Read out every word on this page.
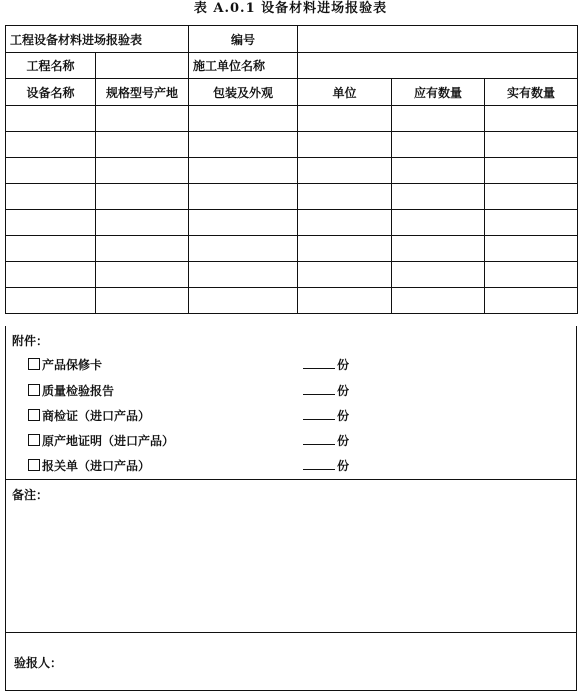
表 A.0.1 设备材料进场报验表
工程设备材料进场报验表		编号			
工程名称		施工单位名称			
设备名称	规格型号产地	包装及外观	单位	应有数量	实有数量

附件：
产品保修卡	份
质量检验报告	份
商检证（进口产品）	份
原产地证明（进口产品）	份
报关单（进口产品）	份
备注：
验报人：
